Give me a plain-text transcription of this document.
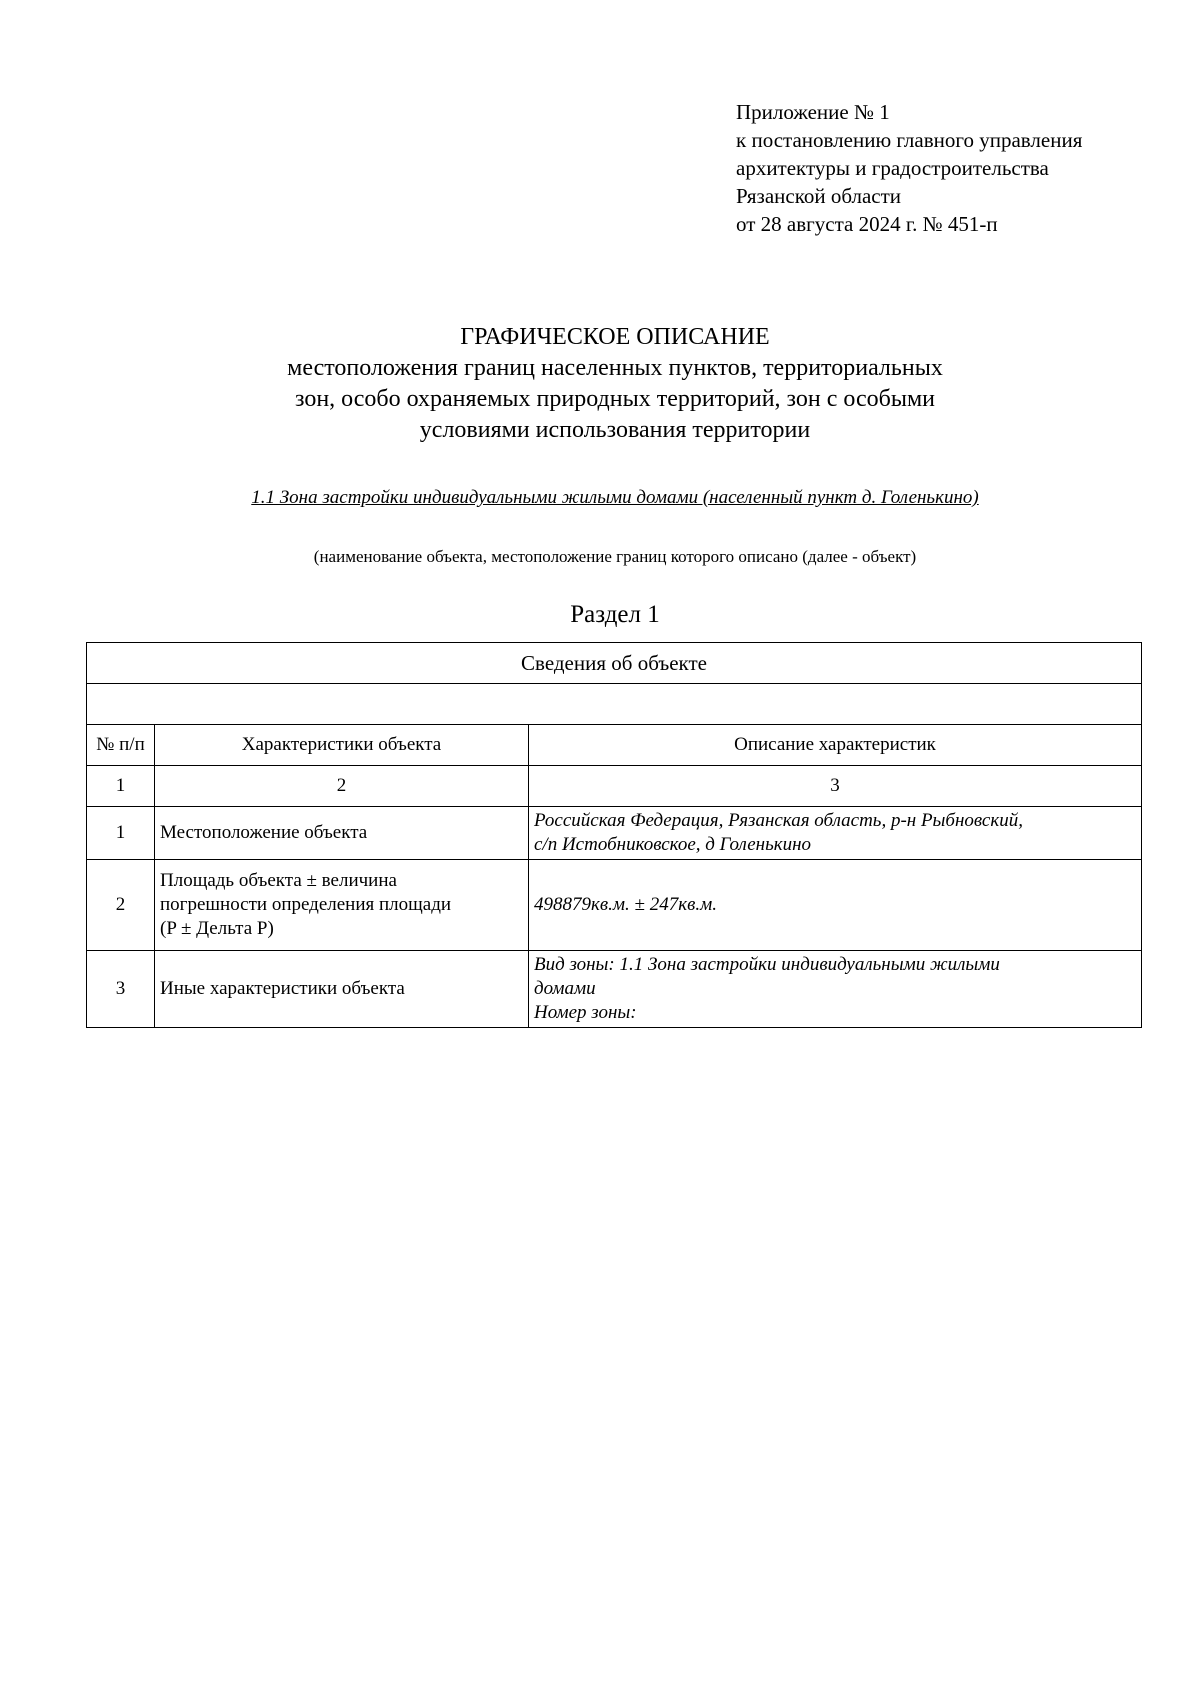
Приложение № 1
к постановлению главного управления
архитектуры и градостроительства
Рязанской области
от 28 августа 2024 г. № 451-п
ГРАФИЧЕСКОЕ ОПИСАНИЕ
местоположения границ населенных пунктов, территориальных
зон, особо охраняемых природных территорий, зон с особыми
условиями использования территории
1.1 Зона застройки индивидуальными жилыми домами (населенный пункт д. Голенькино)
(наименование объекта, местоположение границ которого описано (далее - объект)
Раздел 1
Сведения об объекте		

№ п/п	Характеристики объекта	Описание характеристик
1	2	3
1	Местоположение объекта	Российская Федерация, Рязанская область, р-н Рыбновский,
с/п Истобниковское, д Голенькино

2	Площадь объекта ± величина
погрешности определения площади
(P ± Дельта P)	498879кв.м. ± 247кв.м.

3	Иные характеристики объекта	Вид зоны: 1.1 Зона застройки индивидуальными жилыми
домами
Номер зоны:
